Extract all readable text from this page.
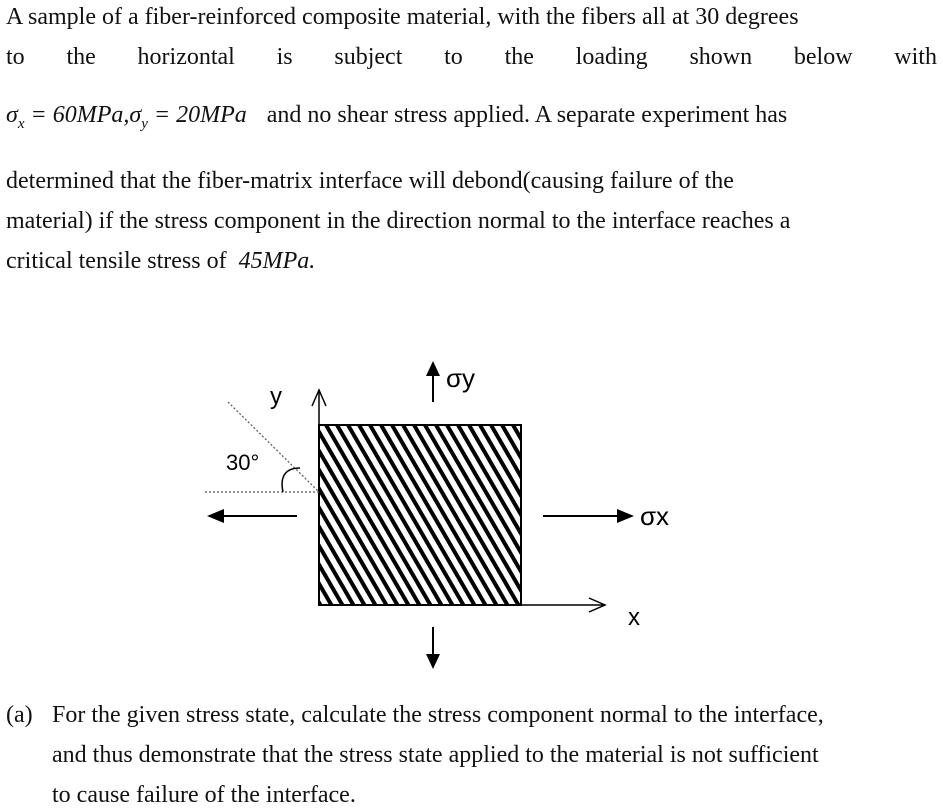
A sample of a fiber-reinforced composite material, with the fibers all at 30 degrees
to the horizontal is subject to the loading shown below with
$\sigma_x = 60MPa,\sigma_y = 20MPa$ and no shear stress applied. A separate experiment has
determined that the fiber-matrix interface will debond(causing failure of the
material) if the stress component in the direction normal to the interface reaches a
critical tensile stress of 45MPa.
y
x
30°
σy
σx
(a) For the given stress state, calculate the stress component normal to the interface,
and thus demonstrate that the stress state applied to the material is not sufficient
to cause failure of the interface.
